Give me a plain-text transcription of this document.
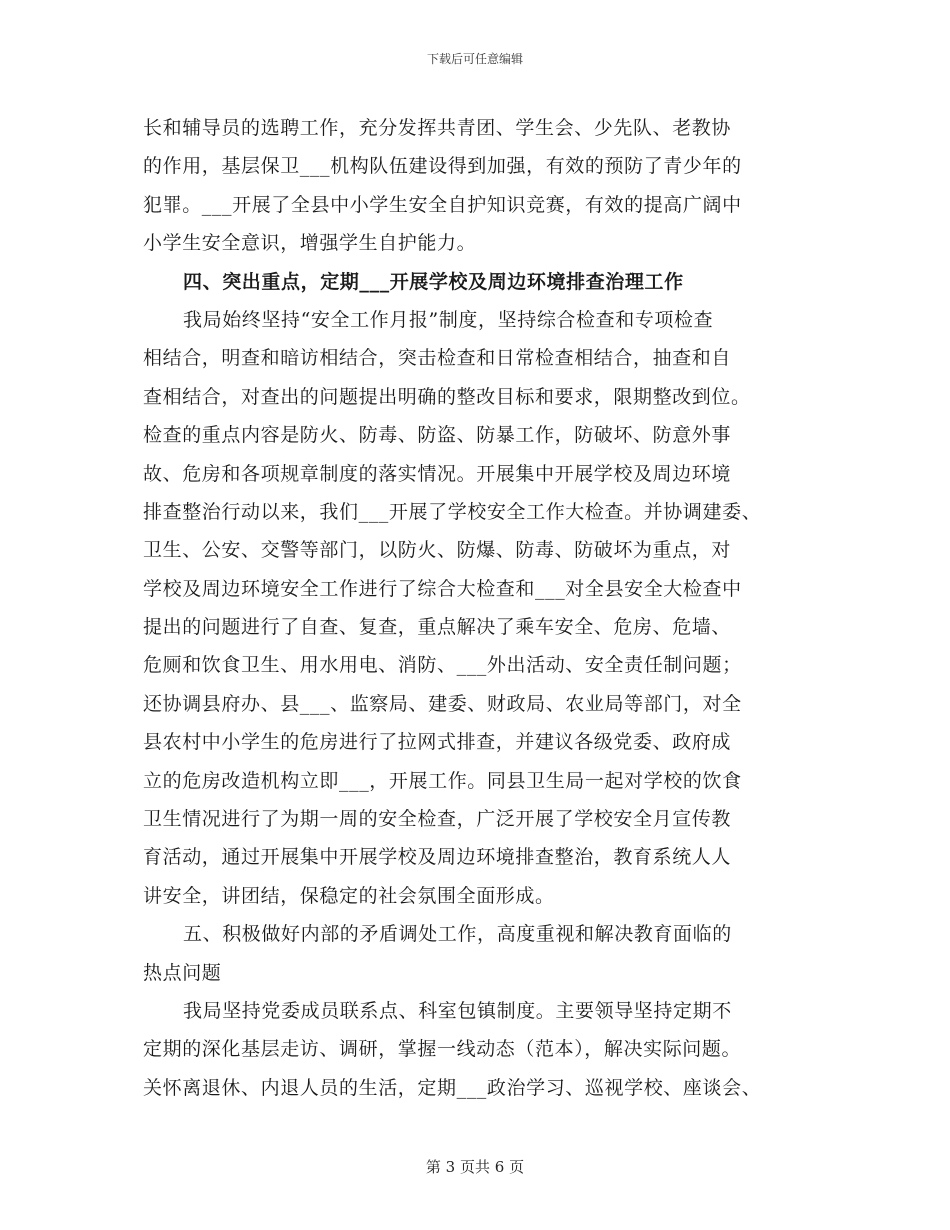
下载后可任意编辑
长和辅导员的选聘工作，充分发挥共青团、学生会、少先队、老教协
的作用，基层保卫___机构队伍建设得到加强，有效的预防了青少年的
犯罪。___开展了全县中小学生安全自护知识竞赛，有效的提高广阔中
小学生安全意识，增强学生自护能力。
四、突出重点，定期___开展学校及周边环境排查治理工作
我局始终坚持“安全工作月报”制度，坚持综合检查和专项检查
相结合，明查和暗访相结合，突击检查和日常检查相结合，抽查和自
查相结合，对查出的问题提出明确的整改目标和要求，限期整改到位。
检查的重点内容是防火、防毒、防盗、防暴工作，防破坏、防意外事
故、危房和各项规章制度的落实情况。开展集中开展学校及周边环境
排查整治行动以来，我们___开展了学校安全工作大检查。并协调建委、
卫生、公安、交警等部门，以防火、防爆、防毒、防破坏为重点，对
学校及周边环境安全工作进行了综合大检查和___对全县安全大检查中
提出的问题进行了自查、复查，重点解决了乘车安全、危房、危墙、
危厕和饮食卫生、用水用电、消防、___外出活动、安全责任制问题；
还协调县府办、县___、监察局、建委、财政局、农业局等部门，对全
县农村中小学生的危房进行了拉网式排查，并建议各级党委、政府成
立的危房改造机构立即___，开展工作。同县卫生局一起对学校的饮食
卫生情况进行了为期一周的安全检查，广泛开展了学校安全月宣传教
育活动，通过开展集中开展学校及周边环境排查整治，教育系统人人
讲安全，讲团结，保稳定的社会氛围全面形成。
五、积极做好内部的矛盾调处工作，高度重视和解决教育面临的
热点问题
我局坚持党委成员联系点、科室包镇制度。主要领导坚持定期不
定期的深化基层走访、调研，掌握一线动态（范本），解决实际问题。
关怀离退休、内退人员的生活，定期___政治学习、巡视学校、座谈会、
第 3 页共 6 页
